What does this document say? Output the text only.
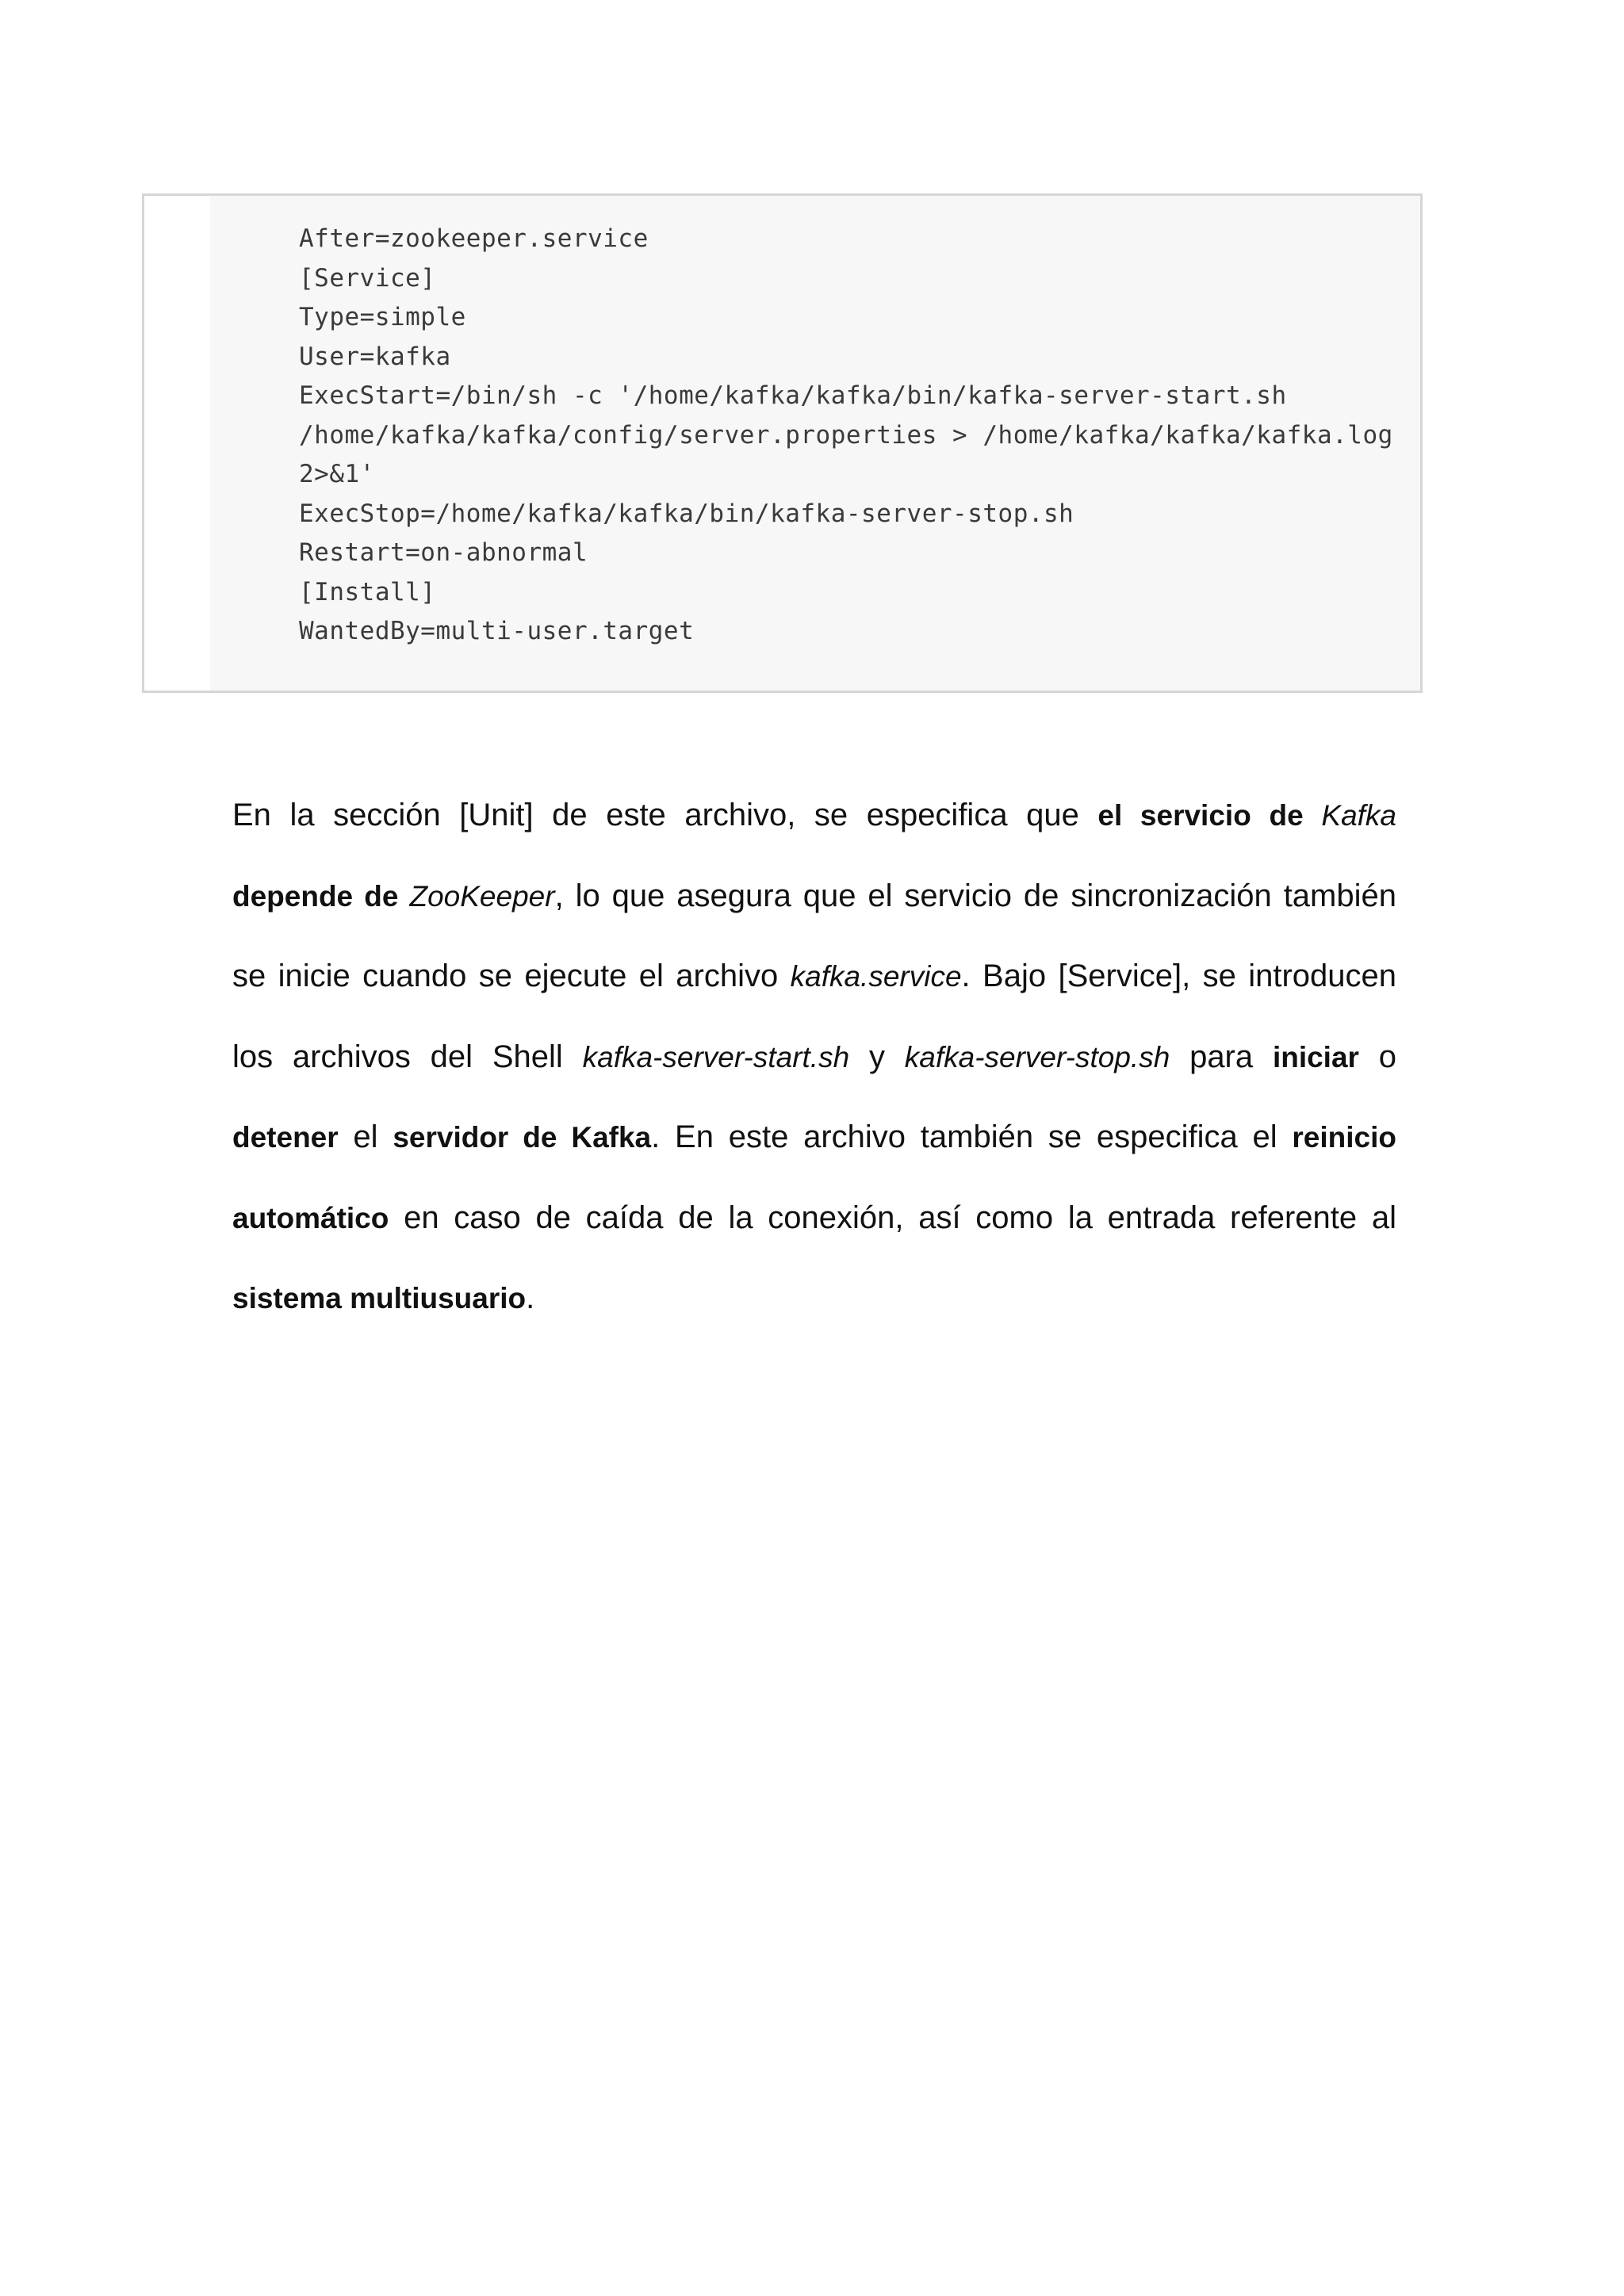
After=zookeeper.service
[Service]
Type=simple
User=kafka
ExecStart=/bin/sh -c '/home/kafka/kafka/bin/kafka-server-start.sh
/home/kafka/kafka/config/server.properties > /home/kafka/kafka/kafka.log
2>&1'
ExecStop=/home/kafka/kafka/bin/kafka-server-stop.sh
Restart=on-abnormal
[Install]
WantedBy=multi-user.target

En la sección [Unit] de este archivo, se especifica que el servicio de Kafka depende de ZooKeeper, lo que asegura que el servicio de sincronización también se inicie cuando se ejecute el archivo kafka.service. Bajo [Service], se introducen los archivos del Shell kafka-server-start.sh y kafka-server-stop.sh para iniciar o detener el servidor de Kafka. En este archivo también se especifica el reinicio automático en caso de caída de la conexión, así como la entrada referente al sistema multiusuario.
